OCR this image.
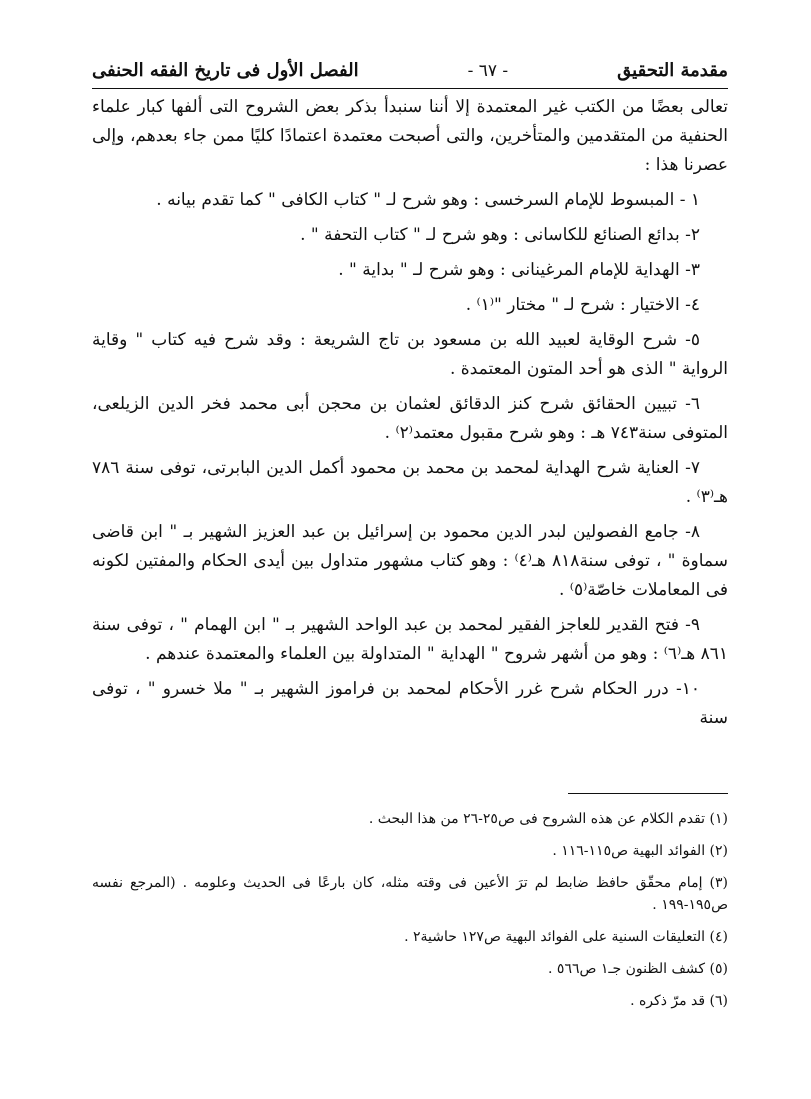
مقدمة التحقيق
- ٦٧ -
الفصل الأول فى تاريخ الفقه الحنفى

تعالى بعضًا من الكتب غير المعتمدة إلا أننا سنبدأ بذكر بعض الشروح التى ألفها كبار علماء الحنفية من المتقدمين والمتأخرين، والتى أصبحت معتمدة اعتمادًا كليًا ممن جاء بعدهم، وإلى عصرنا هذا :

١ - المبسوط للإمام السرخسى : وهو شرح لـ " كتاب الكافى " كما تقدم بيانه .

٢- بدائع الصنائع للكاسانى : وهو شرح لـ " كتاب التحفة " .

٣- الهداية للإمام المرغينانى : وهو شرح لـ " بداية " .

٤- الاختيار : شرح لـ " مختار "⁽١⁾ .

٥- شرح الوقاية لعبيد الله بن مسعود بن تاج الشريعة : وقد شرح فيه كتاب " وقاية الرواية " الذى هو أحد المتون المعتمدة .

٦- تبيين الحقائق شرح كنز الدقائق لعثمان بن محجن أبى محمد فخر الدين الزيلعى، المتوفى سنة٧٤٣ هـ : وهو شرح مقبول معتمد⁽٢⁾ .

٧- العناية شرح الهداية لمحمد بن محمد بن محمود أكمل الدين البابرتى، توفى سنة ٧٨٦ هـ⁽٣⁾ .

٨- جامع الفصولين لبدر الدين محمود بن إسرائيل بن عبد العزيز الشهير بـ " ابن قاضى سماوة " ، توفى سنة٨١٨ هـ⁽٤⁾ : وهو كتاب مشهور متداول بين أيدى الحكام والمفتين لكونه فى المعاملات خاصّة⁽٥⁾ .

٩- فتح القدير للعاجز الفقير لمحمد بن عبد الواحد الشهير بـ " ابن الهمام " ، توفى سنة ٨٦١ هـ⁽٦⁾ : وهو من أشهر شروح " الهداية " المتداولة بين العلماء والمعتمدة عندهم .

١٠- درر الحكام شرح غرر الأحكام لمحمد بن فراموز الشهير بـ " ملا خسرو " ، توفى سنة

(١) تقدم الكلام عن هذه الشروح فى ص٢٥-٢٦ من هذا البحث .

(٢) الفوائد البهية ص١١٥-١١٦ .

(٣) إمام محقّق حافظ ضابط لم ترَ الأعين فى وقته مثله، كان بارعًا فى الحديث وعلومه . (المرجع نفسه ص١٩٥-١٩٩ .

(٤) التعليقات السنية على الفوائد البهية ص١٢٧ حاشية٢ .

(٥) كشف الظنون جـ١ ص٥٦٦ .

(٦) قد مرّ ذكره .
